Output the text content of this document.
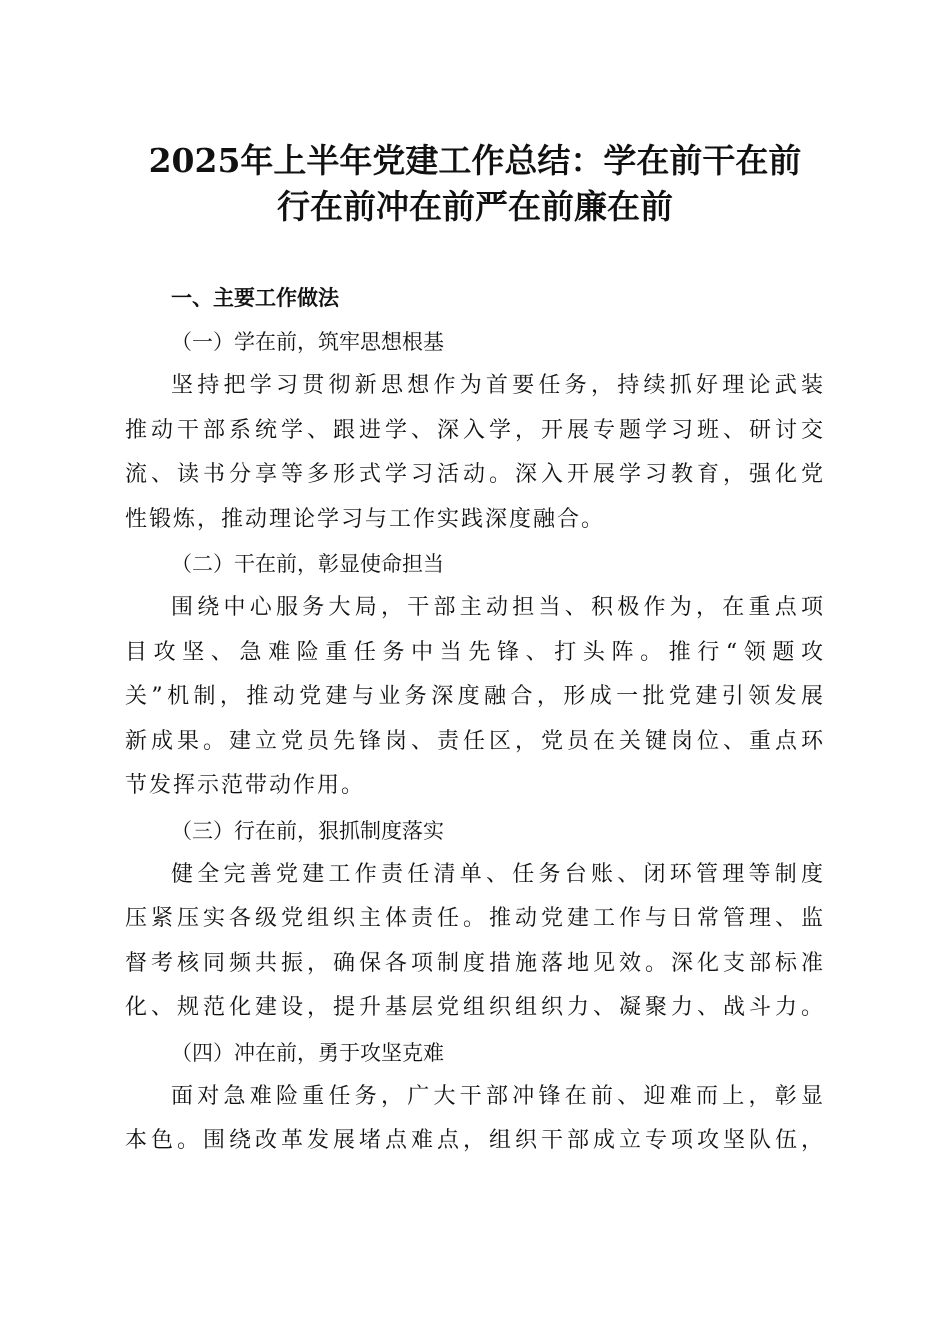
2025年上半年党建工作总结：学在前干在前
行在前冲在前严在前廉在前

一、主要工作做法

（一）学在前，筑牢思想根基

坚持把学习贯彻新思想作为首要任务，持续抓好理论武装
推动干部系统学、跟进学、深入学，开展专题学习班、研讨交
流、读书分享等多形式学习活动。深入开展学习教育，强化党
性锻炼，推动理论学习与工作实践深度融合。

（二）干在前，彰显使命担当

围绕中心服务大局，干部主动担当、积极作为，在重点项
目攻坚、急难险重任务中当先锋、打头阵。推行“领题攻
关”机制，推动党建与业务深度融合，形成一批党建引领发展
新成果。建立党员先锋岗、责任区，党员在关键岗位、重点环
节发挥示范带动作用。

（三）行在前，狠抓制度落实

健全完善党建工作责任清单、任务台账、闭环管理等制度
压紧压实各级党组织主体责任。推动党建工作与日常管理、监
督考核同频共振，确保各项制度措施落地见效。深化支部标准
化、规范化建设，提升基层党组织组织力、凝聚力、战斗力。

（四）冲在前，勇于攻坚克难

面对急难险重任务，广大干部冲锋在前、迎难而上，彰显
本色。围绕改革发展堵点难点，组织干部成立专项攻坚队伍，
